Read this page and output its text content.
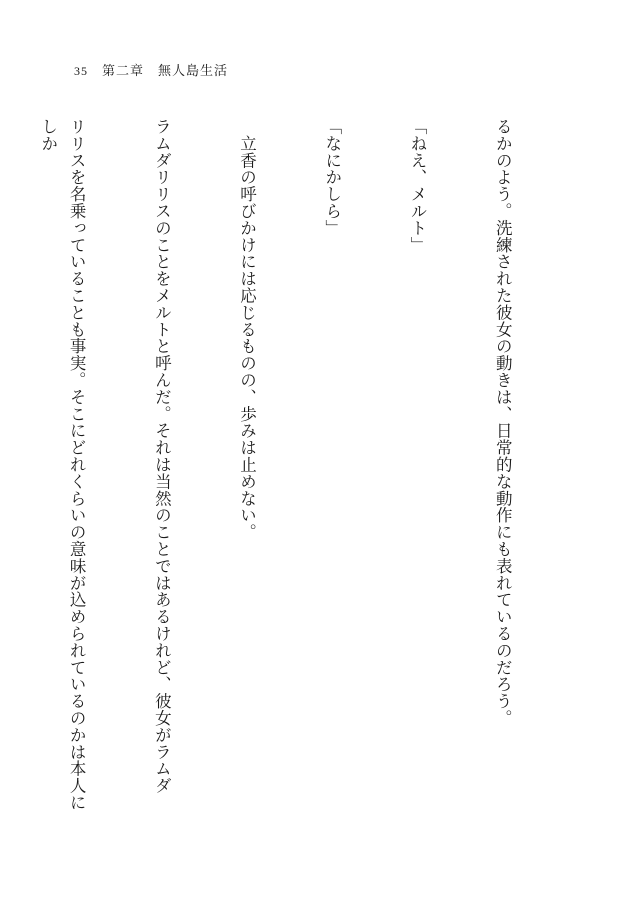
35 第二章　無人島生活

るかのよう。洗練された彼女の動きは、日常的な動作にも表れているのだろう。

「ねえ、メルト」

「なにかしら」

　立香の呼びかけには応じるものの、歩みは止めない。

ラムダリリスのことをメルトと呼んだ。それは当然のことではあるけれど、彼女がラムダ

リリスを名乗っていることも事実。そこにどれくらいの意味が込められているのかは本人にしか
